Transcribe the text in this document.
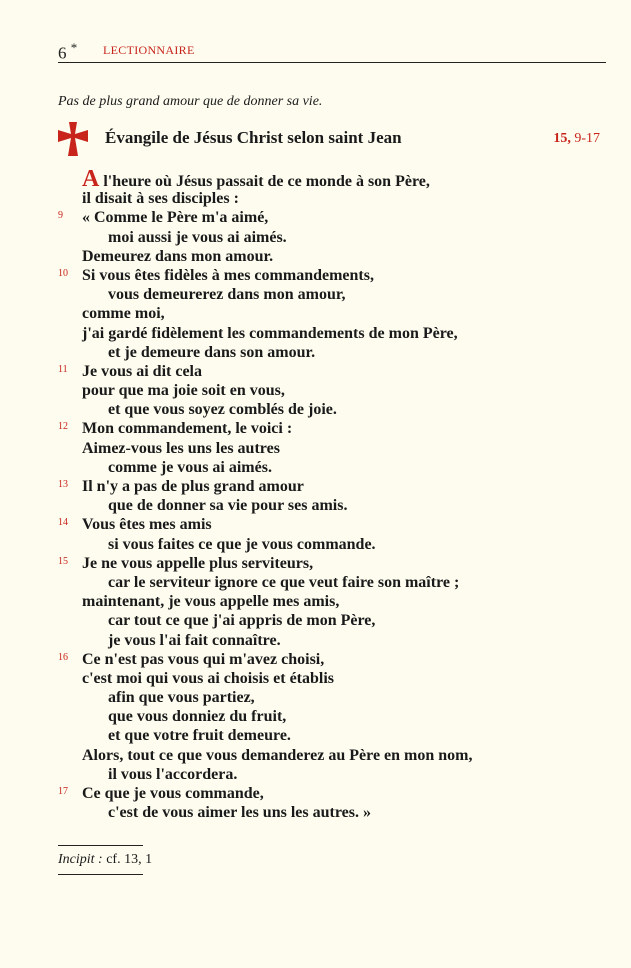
6 * LECTIONNAIRE
Pas de plus grand amour que de donner sa vie.
Évangile de Jésus Christ selon saint Jean	15, 9-17
A l'heure où Jésus passait de ce monde à son Père,
il disait à ses disciples :
9 « Comme le Père m'a aimé,
moi aussi je vous ai aimés.
Demeurez dans mon amour.
10 Si vous êtes fidèles à mes commandements,
vous demeurerez dans mon amour,
comme moi,
j'ai gardé fidèlement les commandements de mon Père,
et je demeure dans son amour.
11 Je vous ai dit cela
pour que ma joie soit en vous,
et que vous soyez comblés de joie.
12 Mon commandement, le voici :
Aimez-vous les uns les autres
comme je vous ai aimés.
13 Il n'y a pas de plus grand amour
que de donner sa vie pour ses amis.
14 Vous êtes mes amis
si vous faites ce que je vous commande.
15 Je ne vous appelle plus serviteurs,
car le serviteur ignore ce que veut faire son maître ;
maintenant, je vous appelle mes amis,
car tout ce que j'ai appris de mon Père,
je vous l'ai fait connaître.
16 Ce n'est pas vous qui m'avez choisi,
c'est moi qui vous ai choisis et établis
afin que vous partiez,
que vous donniez du fruit,
et que votre fruit demeure.
Alors, tout ce que vous demanderez au Père en mon nom,
il vous l'accordera.
17 Ce que je vous commande,
c'est de vous aimer les uns les autres. »
Incipit : cf. 13, 1
